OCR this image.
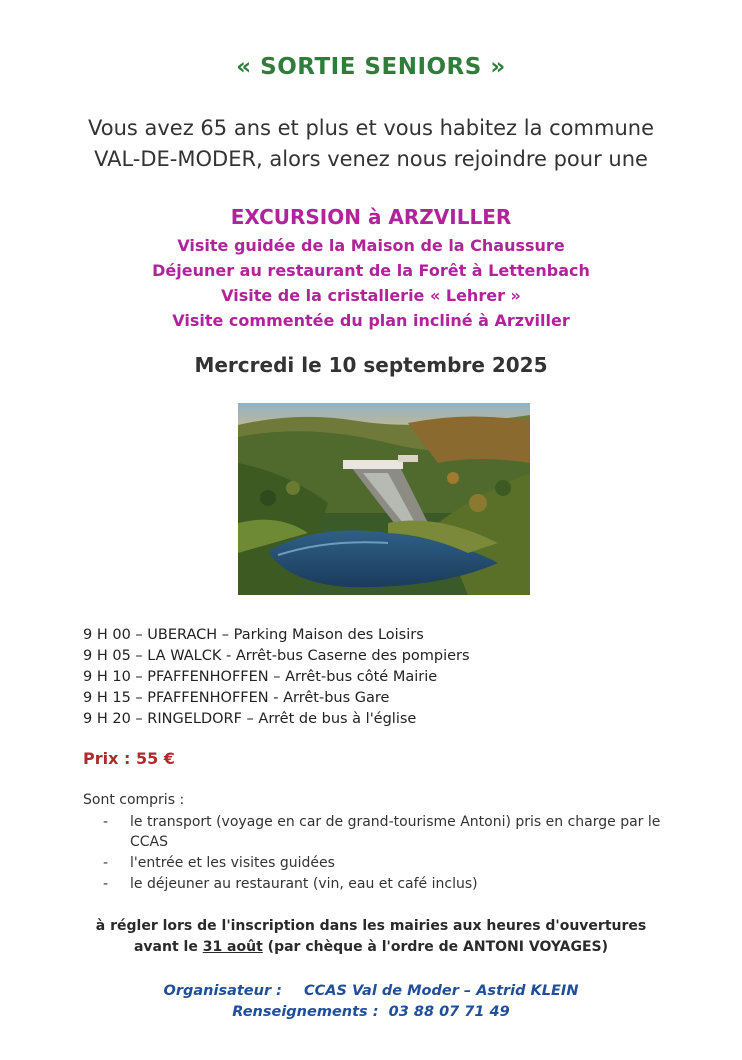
« SORTIE SENIORS »
Vous avez 65 ans et plus et vous habitez la commune
VAL-DE-MODER, alors venez nous rejoindre pour une
EXCURSION à ARZVILLER
Visite guidée de la Maison de la Chaussure
Déjeuner au restaurant de la Forêt à Lettenbach
Visite de la cristallerie « Lehrer »
Visite commentée du plan incliné à Arzviller
Mercredi le 10 septembre 2025
9 H 00 – UBERACH – Parking Maison des Loisirs
9 H 05 – LA WALCK - Arrêt-bus Caserne des pompiers
9 H 10 – PFAFFENHOFFEN – Arrêt-bus côté Mairie
9 H 15 – PFAFFENHOFFEN - Arrêt-bus Gare
9 H 20 – RINGELDORF – Arrêt de bus à l'église
Prix : 55 €
Sont compris :
- le transport (voyage en car de grand-tourisme Antoni) pris en charge par le CCAS
- l'entrée et les visites guidées
- le déjeuner au restaurant (vin, eau et café inclus)
à régler lors de l'inscription dans les mairies aux heures d'ouvertures
avant le 31 août (par chèque à l'ordre de ANTONI VOYAGES)
Organisateur : CCAS Val de Moder – Astrid KLEIN
Renseignements : 03 88 07 71 49
